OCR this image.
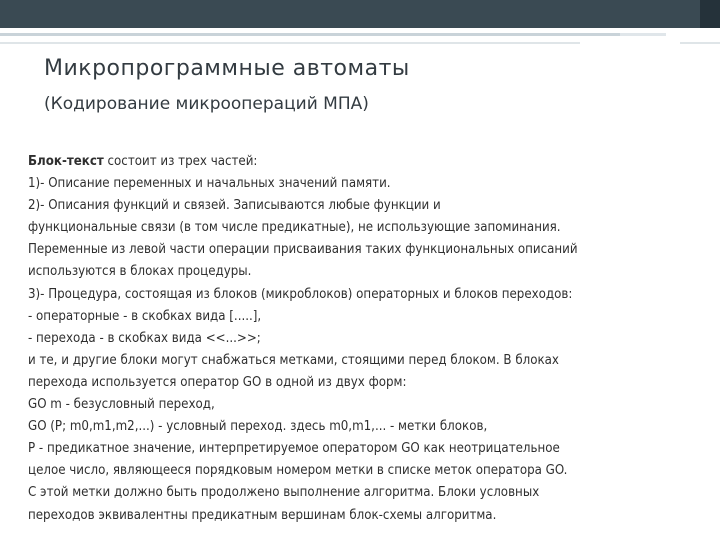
Микропрограммные автоматы
(Кодирование микроопераций МПА)
Блок-текст состоит из трех частей:
1)- Описание переменных и начальных значений памяти.
2)- Описания функций и связей. Записываются любые функции и
функциональные связи (в том числе предикатные), не использующие запоминания.
Переменные из левой части операции присваивания таких функциональных описаний
используются в блоках процедуры.
3)- Процедура, состоящая из блоков (микроблоков) операторных и блоков переходов:
- операторные - в скобках вида [.....],
- перехода - в скобках вида <<...>>;
и те, и другие блоки могут снабжаться метками, стоящими перед блоком. В блоках
перехода используется оператор GO в одной из двух форм:
GO m - безусловный переход,
GO (P; m0,m1,m2,...) - условный переход. здесь m0,m1,... - метки блоков,
P - предикатное значение, интерпретируемое оператором GO как неотрицательное
целое число, являющееся порядковым номером метки в списке меток оператора GO.
С этой метки должно быть продолжено выполнение алгоритма. Блоки условных
переходов эквивалентны предикатным вершинам блок-схемы алгоритма.
